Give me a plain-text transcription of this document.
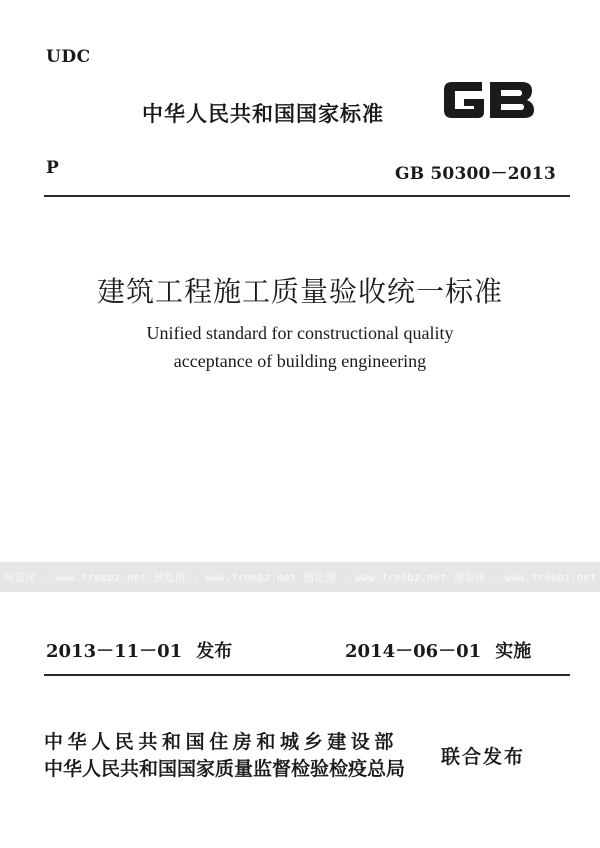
UDC
中华人民共和国国家标准
P	GB 50300－2013
建筑工程施工质量验收统一标准
Unified standard for constructional quality
acceptance of building engineering
预览图 - www.freebz.net 预览图 - www.freebz.net 预览图 - www.freebz.net 预览图 - www.freebz.net
2013－11－01 发布	2014－06－01 实施
中华人民共和国住房和城乡建设部
中华人民共和国国家质量监督检验检疫总局
联合发布
